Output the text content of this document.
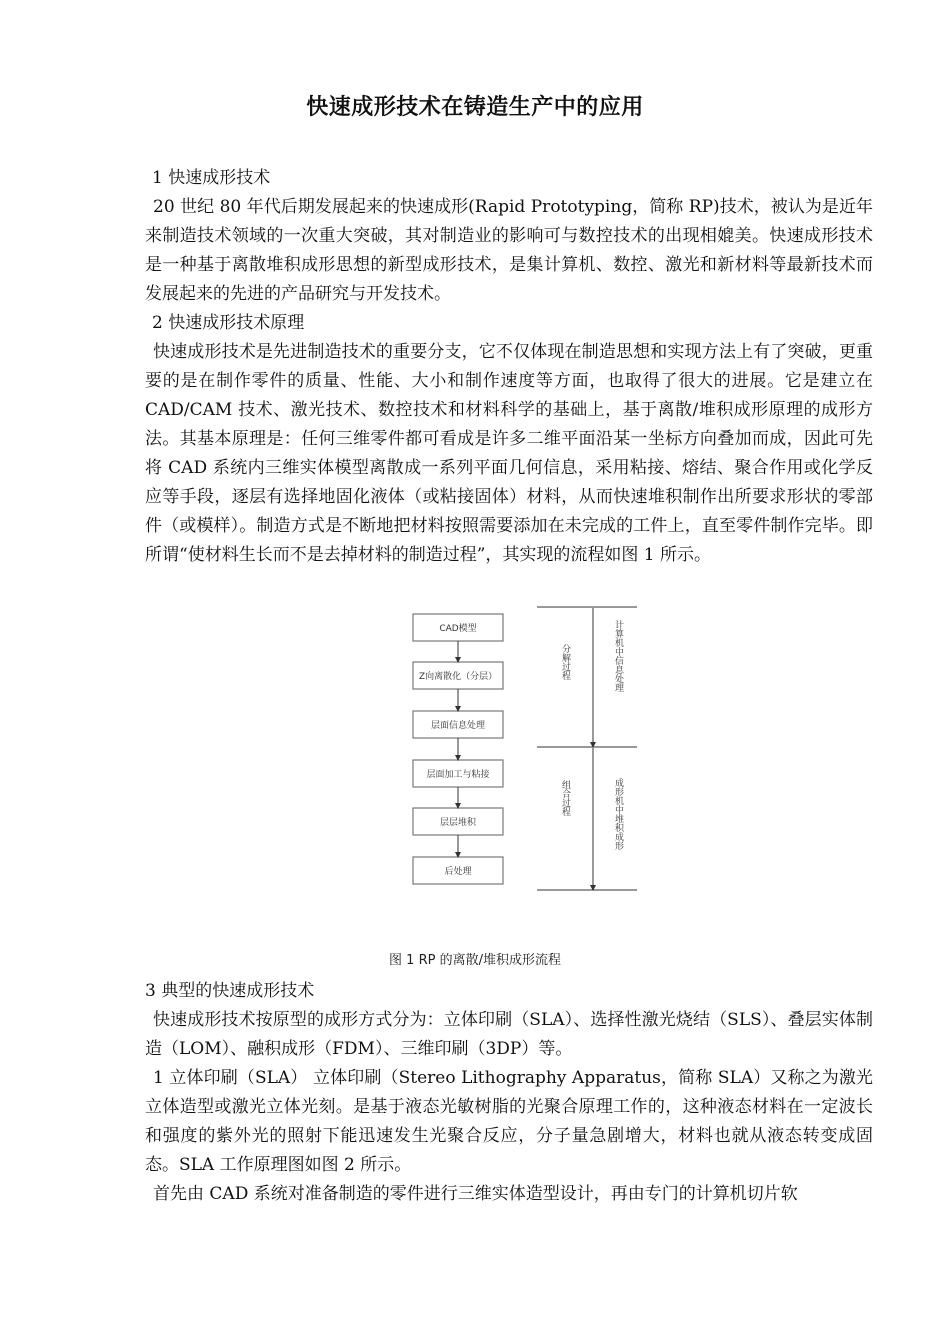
快速成形技术在铸造生产中的应用

1 快速成形技术

20 世纪 80 年代后期发展起来的快速成形(Rapid Prototyping，简称 RP)技术，被认为是近年来制造技术领域的一次重大突破，其对制造业的影响可与数控技术的出现相媲美。快速成形技术是一种基于离散堆积成形思想的新型成形技术，是集计算机、数控、激光和新材料等最新技术而发展起来的先进的产品研究与开发技术。

2 快速成形技术原理

快速成形技术是先进制造技术的重要分支，它不仅体现在制造思想和实现方法上有了突破，更重要的是在制作零件的质量、性能、大小和制作速度等方面，也取得了很大的进展。它是建立在 CAD/CAM 技术、激光技术、数控技术和材料科学的基础上，基于离散/堆积成形原理的成形方法。其基本原理是：任何三维零件都可看成是许多二维平面沿某一坐标方向叠加而成，因此可先将 CAD 系统内三维实体模型离散成一系列平面几何信息，采用粘接、熔结、聚合作用或化学反应等手段，逐层有选择地固化液体（或粘接固体）材料，从而快速堆积制作出所要求形状的零部件（或模样）。制造方式是不断地把材料按照需要添加在未完成的工件上，直至零件制作完毕。即所谓“使材料生长而不是去掉材料的制造过程”，其实现的流程如图 1 所示。

CAD模型
Z向离散化（分层）
层面信息处理
层面加工与粘接
层层堆积
后处理
分解过程
组合过程
计算机中信息处理
成形机中堆积成形
图 1 RP 的离散/堆积成形流程

3 典型的快速成形技术

快速成形技术按原型的成形方式分为：立体印刷（SLA）、选择性激光烧结（SLS）、叠层实体制造（LOM）、融积成形（FDM）、三维印刷（3DP）等。

1 立体印刷（SLA） 立体印刷（Stereo Lithography Apparatus，简称 SLA）又称之为激光立体造型或激光立体光刻。是基于液态光敏树脂的光聚合原理工作的，这种液态材料在一定波长和强度的紫外光的照射下能迅速发生光聚合反应，分子量急剧增大，材料也就从液态转变成固态。SLA 工作原理图如图 2 所示。

首先由 CAD 系统对准备制造的零件进行三维实体造型设计，再由专门的计算机切片软
